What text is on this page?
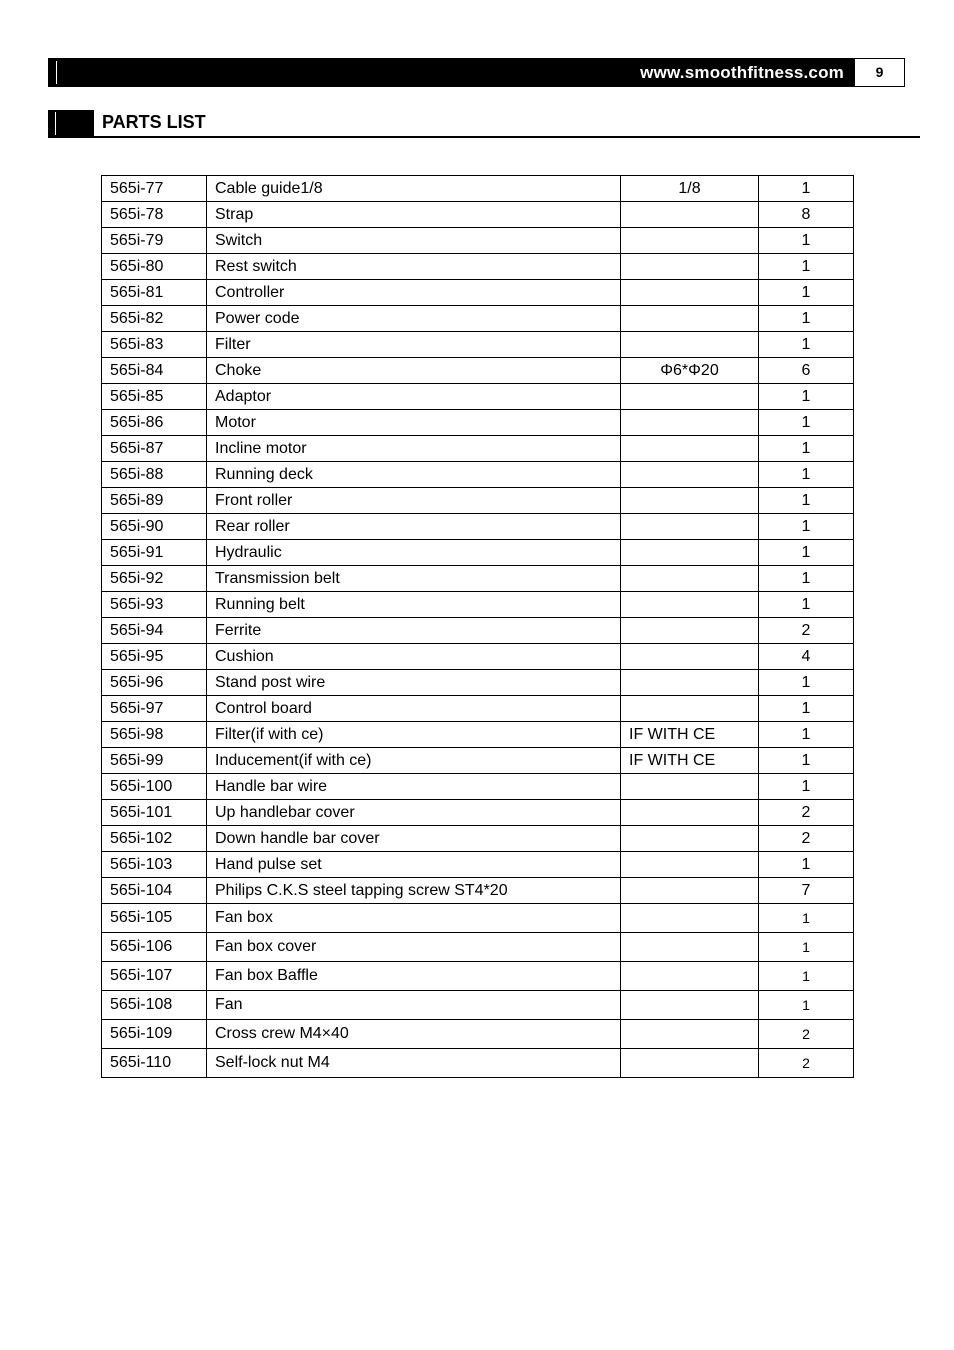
www.smoothfitness.com	9
PARTS LIST
565i-77	Cable guide1/8	1/8	1
565i-78	Strap		8
565i-79	Switch		1
565i-80	Rest switch		1
565i-81	Controller		1
565i-82	Power code		1
565i-83	Filter		1
565i-84	Choke	Φ6*Φ20	6
565i-85	Adaptor		1
565i-86	Motor		1
565i-87	Incline motor		1
565i-88	Running deck		1
565i-89	Front roller		1
565i-90	Rear roller		1
565i-91	Hydraulic		1
565i-92	Transmission belt		1
565i-93	Running belt		1
565i-94	Ferrite		2
565i-95	Cushion		4
565i-96	Stand post wire		1
565i-97	Control board		1
565i-98	Filter(if with ce)	IF WITH CE	1
565i-99	Inducement(if with ce)	IF WITH CE	1
565i-100	Handle bar wire		1
565i-101	Up handlebar cover		2
565i-102	Down handle bar cover		2
565i-103	Hand pulse set		1
565i-104	Philips C.K.S steel tapping screw ST4*20		7
565i-105	Fan box		1
565i-106	Fan box cover		1
565i-107	Fan box Baffle		1
565i-108	Fan		1
565i-109	Cross crew M4×40		2
565i-110	Self-lock nut M4		2
